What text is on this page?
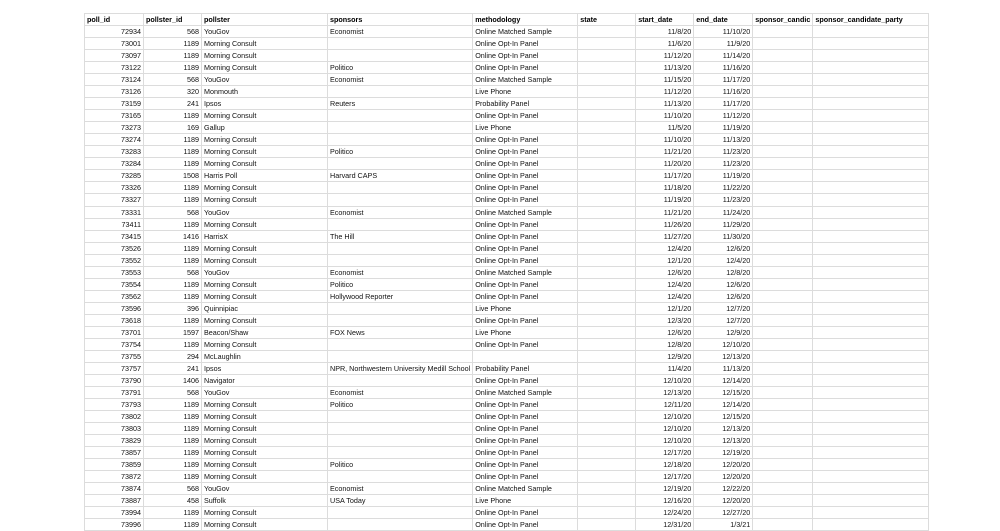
poll_id	pollster_id	pollster	sponsors	methodology	state	start_date	end_date	sponsor_candic	sponsor_candidate_party
72934	568	YouGov	Economist	Online Matched Sample		11/8/20	11/10/20		
73001	1189	Morning Consult		Online Opt-In Panel		11/6/20	11/9/20		
73097	1189	Morning Consult		Online Opt-In Panel		11/12/20	11/14/20		
73122	1189	Morning Consult	Politico	Online Opt-In Panel		11/13/20	11/16/20		
73124	568	YouGov	Economist	Online Matched Sample		11/15/20	11/17/20		
73126	320	Monmouth		Live Phone		11/12/20	11/16/20		
73159	241	Ipsos	Reuters	Probability Panel		11/13/20	11/17/20		
73165	1189	Morning Consult		Online Opt-In Panel		11/10/20	11/12/20		
73273	169	Gallup		Live Phone		11/5/20	11/19/20		
73274	1189	Morning Consult		Online Opt-In Panel		11/10/20	11/13/20		
73283	1189	Morning Consult	Politico	Online Opt-In Panel		11/21/20	11/23/20		
73284	1189	Morning Consult		Online Opt-In Panel		11/20/20	11/23/20		
73285	1508	Harris Poll	Harvard CAPS	Online Opt-In Panel		11/17/20	11/19/20		
73326	1189	Morning Consult		Online Opt-In Panel		11/18/20	11/22/20		
73327	1189	Morning Consult		Online Opt-In Panel		11/19/20	11/23/20		
73331	568	YouGov	Economist	Online Matched Sample		11/21/20	11/24/20		
73411	1189	Morning Consult		Online Opt-In Panel		11/26/20	11/29/20		
73415	1416	HarrisX	The Hill	Online Opt-In Panel		11/27/20	11/30/20		
73526	1189	Morning Consult		Online Opt-In Panel		12/4/20	12/6/20		
73552	1189	Morning Consult		Online Opt-In Panel		12/1/20	12/4/20		
73553	568	YouGov	Economist	Online Matched Sample		12/6/20	12/8/20		
73554	1189	Morning Consult	Politico	Online Opt-In Panel		12/4/20	12/6/20		
73562	1189	Morning Consult	Hollywood Reporter	Online Opt-In Panel		12/4/20	12/6/20		
73596	396	Quinnipiac		Live Phone		12/1/20	12/7/20		
73618	1189	Morning Consult		Online Opt-In Panel		12/3/20	12/7/20		
73701	1597	Beacon/Shaw	FOX News	Live Phone		12/6/20	12/9/20		
73754	1189	Morning Consult		Online Opt-In Panel		12/8/20	12/10/20		
73755	294	McLaughlin				12/9/20	12/13/20		
73757	241	Ipsos	NPR, Northwestern University Medill School	Probability Panel		11/4/20	11/13/20		
73790	1406	Navigator		Online Opt-In Panel		12/10/20	12/14/20		
73791	568	YouGov	Economist	Online Matched Sample		12/13/20	12/15/20		
73793	1189	Morning Consult	Politico	Online Opt-In Panel		12/11/20	12/14/20		
73802	1189	Morning Consult		Online Opt-In Panel		12/10/20	12/15/20		
73803	1189	Morning Consult		Online Opt-In Panel		12/10/20	12/13/20		
73829	1189	Morning Consult		Online Opt-In Panel		12/10/20	12/13/20		
73857	1189	Morning Consult		Online Opt-In Panel		12/17/20	12/19/20		
73859	1189	Morning Consult	Politico	Online Opt-In Panel		12/18/20	12/20/20		
73872	1189	Morning Consult		Online Opt-In Panel		12/17/20	12/20/20		
73874	568	YouGov	Economist	Online Matched Sample		12/19/20	12/22/20		
73887	458	Suffolk	USA Today	Live Phone		12/16/20	12/20/20		
73994	1189	Morning Consult		Online Opt-In Panel		12/24/20	12/27/20		
73996	1189	Morning Consult		Online Opt-In Panel		12/31/20	1/3/21		
